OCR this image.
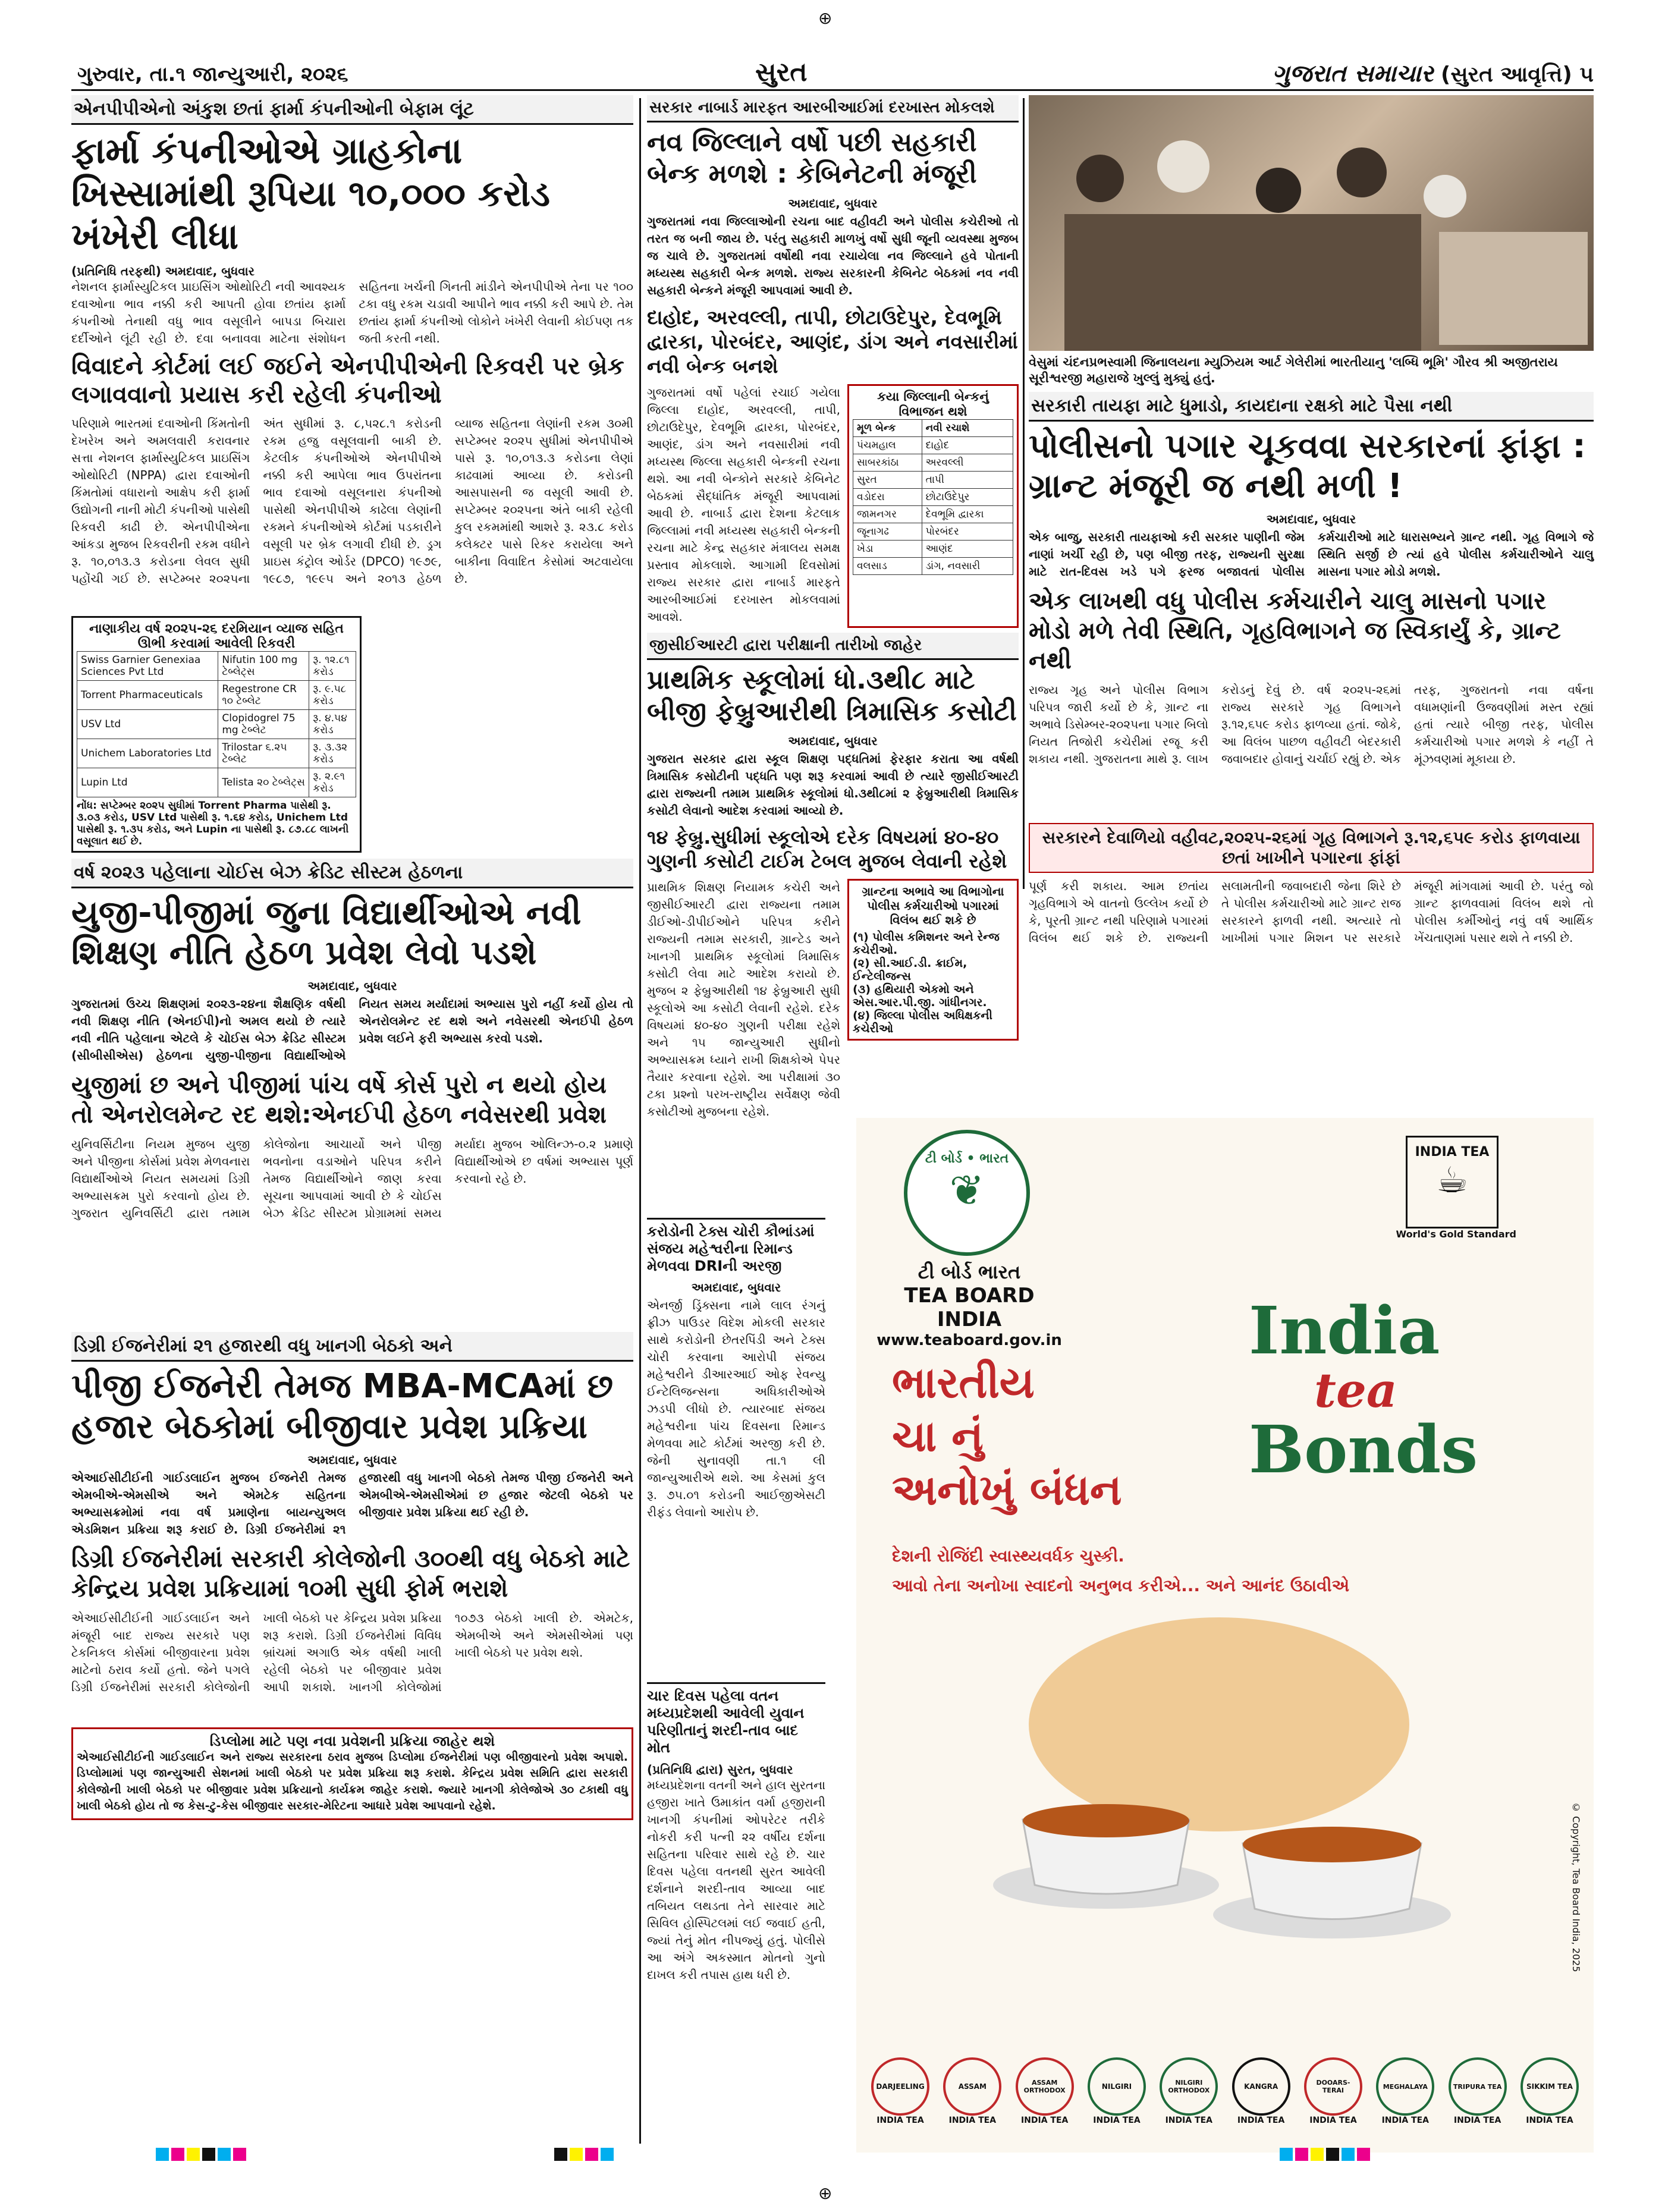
⊕
⊕
ગુરુવાર, તા.૧ જાન્યુઆરી, ૨૦૨૬	સુરત	ગુજરાત સમાચાર (સુરત આવૃત્તિ) ૫
એનપીપીએનો અંકુશ છતાં ફાર્મા કંપનીઓની બેફામ લૂંટ
ફાર્મા કંપનીઓએ ગ્રાહકોના ખિસ્સામાંથી રૂપિયા ૧૦,૦૦૦ કરોડ ખંખેરી લીધા
(પ્રતિનિધિ તરફથી) અમદાવાદ, બુધવાર
નેશનલ ફાર્માસ્યુટિકલ પ્રાઇસિંગ ઓથોરિટી નવી આવશ્યક દવાઓના ભાવ નક્કી કરી આપતી હોવા છતાંય ફાર્મા કંપનીઓ તેનાથી વધુ ભાવ વસૂલીને બાપડા બિચારા દર્દીઓને લૂંટી રહી છે. દવા બનાવવા માટેના સંશોધન સહિતના ખર્ચની ગિનતી માંડીને એનપીપીએ તેના પર ૧૦૦ ટકા વધુ રકમ ચડાવી આપીને ભાવ નક્કી કરી આપે છે. તેમ છતાંય ફાર્મા કંપનીઓ લોકોને ખંખેરી લેવાની કોઈપણ તક જતી કરતી નથી.
વિવાદને કોર્ટમાં લઈ જઈને એનપીપીએની રિકવરી પર બ્રેક લગાવવાનો પ્રયાસ કરી રહેલી કંપનીઓ
પરિણામે ભારતમાં દવાઓની કિંમતોની દેખરેખ અને અમલવારી કરાવનાર સત્તા નેશનલ ફાર્માસ્યુટિકલ પ્રાઇસિંગ ઓથોરિટી (NPPA) દ્વારા દવાઓની કિંમતોમાં વધારાનો આક્ષેપ કરી ફાર્મા ઉદ્યોગની નાની મોટી કંપનીઓ પાસેથી રિકવરી કાઢી છે. એનપીપીએના આંકડા મુજબ રિકવરીની રકમ વધીને રૂ. ૧૦,૦૧૩.૩ કરોડના લેવલ સુધી પહોંચી ગઈ છે. સપ્ટેમ્બર ૨૦૨૫ના અંત સુધીમાં રૂ. ૮,૫૨૮.૧ કરોડની રકમ હજુ વસૂલવાની બાકી છે. કેટલીક કંપનીઓએ એનપીપીએ નક્કી કરી આપેલા ભાવ ઉપરાંતના ભાવ દવાઓ વસૂલનારા કંપનીઓ પાસેથી એનપીપીએ કાઢેલા લેણાંની રકમને કંપનીઓએ કોર્ટમાં પડકારીને વસૂલી પર બ્રેક લગાવી દીધી છે. ડ્રગ પ્રાઇસ કંટ્રોલ ઓર્ડર (DPCO) ૧૯૭૯, ૧૯૮૭, ૧૯૯૫ અને ૨૦૧૩ હેઠળ વ્યાજ સહિતના લેણાંની રકમ ૩૦મી સપ્ટેમ્બર ૨૦૨૫ સુધીમાં એનપીપીએ પાસે રૂ. ૧૦,૦૧૩.૩ કરોડના લેણાં કાઢવામાં આવ્યા છે. કરોડની આસપાસની જ વસૂલી આવી છે. સપ્ટેમ્બર ૨૦૨૫ના અંતે બાકી રહેલી કુલ રકમમાંથી આશરે રૂ. ૨૩.૮ કરોડ કલેક્ટર પાસે રિકર કરાયેલા અને બાકીના વિવાદિત કેસોમાં અટવાયેલા છે.
નાણાકીય વર્ષ ૨૦૨૫-૨૬ દરમિયાન વ્યાજ સહિત ઊભી કરવામાં આવેલી રિકવરી
Swiss Garnier Genexiaa Sciences Pvt Ltd	Nifutin 100 mg ટેબ્લેટ્સ	રૂ. ૧૨.૮૧ કરોડ
Torrent Pharmaceuticals	Regestrone CR ૧૦ ટેબ્લેટ	રૂ. ૯.૫૮ કરોડ
USV Ltd	Clopidogrel 75 mg ટેબ્લેટ	રૂ. ૪.૫૪ કરોડ
Unichem Laboratories Ltd	Trilostar ૬.૨૫ ટેબ્લેટ	રૂ. ૩.૩૨ કરોડ
Lupin Ltd	Telista ૨૦ ટેબ્લેટ્સ	રૂ. ૨.૯૧ કરોડ
નોંધ: સપ્ટેમ્બર ૨૦૨૫ સુધીમાં Torrent Pharma પાસેથી રૂ. ૩.૦૩ કરોડ, USV Ltd પાસેથી રૂ. ૧.૬૪ કરોડ, Unichem Ltd પાસેથી રૂ. ૧.૩૫ કરોડ, અને Lupin ના પાસેથી રૂ. ૮૭.૮૮ લાખની વસૂલાત થઈ છે.
વર્ષ ૨૦૨૩ પહેલાના ચોઈસ બેઝ ક્રેડિટ સીસ્ટમ હેઠળના
યુજી-પીજીમાં જુના વિદ્યાર્થીઓએ નવી શિક્ષણ નીતિ હેઠળ પ્રવેશ લેવો પડશે
અમદાવાદ, બુધવાર
ગુજરાતમાં ઉચ્ચ શિક્ષણમાં ૨૦૨૩-૨૪ના શૈક્ષણિક વર્ષથી નવી શિક્ષણ નીતિ (એનઈપી)નો અમલ થયો છે ત્યારે નવી નીતિ પહેલાના એટલે કે ચોઈસ બેઝ ક્રેડિટ સીસ્ટમ (સીબીસીએસ) હેઠળના યુજી-પીજીના વિદ્યાર્થીઓએ નિયત સમય મર્યાદામાં અભ્યાસ પુરો નહીં કર્યો હોય તો એનરોલમેન્ટ રદ થશે અને નવેસરથી એનઈપી હેઠળ પ્રવેશ લઈને ફરી અભ્યાસ કરવો પડશે.
યુજીમાં છ અને પીજીમાં પાંચ વર્ષે કોર્સ પુરો ન થયો હોય તો એનરોલમેન્ટ રદ થશે:એનઈપી હેઠળ નવેસરથી પ્રવેશ
યુનિવર્સિટીના નિયમ મુજબ યુજી અને પીજીના કોર્સમાં પ્રવેશ મેળવનારા વિદ્યાર્થીઓએ નિયત સમયમાં ડિગ્રી અભ્યાસક્રમ પુરો કરવાનો હોય છે. ગુજરાત યુનિવર્સિટી દ્વારા તમામ કોલેજોના આચાર્યો અને પીજી ભવનોના વડાઓને પરિપત્ર કરીને તેમજ વિદ્યાર્થીઓને જાણ કરવા સૂચના આપવામાં આવી છે કે ચોઈસ બેઝ ક્રેડિટ સીસ્ટમ પ્રોગ્રામમાં સમય મર્યાદા મુજબ ઓલિન્ઝ-૦.૨ પ્રમાણે વિદ્યાર્થીઓએ છ વર્ષમાં અભ્યાસ પૂર્ણ કરવાનો રહે છે.
ડિગ્રી ઈજનેરીમાં ૨૧ હજારથી વધુ ખાનગી બેઠકો અને
પીજી ઈજનેરી તેમજ MBA-MCAમાં છ હજાર બેઠકોમાં બીજીવાર પ્રવેશ પ્રક્રિયા
અમદાવાદ, બુધવાર
એઆઈસીટીઈની ગાઈડલાઈન મુજબ ઈજનેરી તેમજ એમબીએ-એમસીએ અને એમટેક સહિતના અભ્યાસક્રમોમાં નવા વર્ષ પ્રમાણેના બાયન્યુઅલ એડમિશન પ્રક્રિયા શરૂ કરાઈ છે. ડિગ્રી ઈજનેરીમાં ૨૧ હજારથી વધુ ખાનગી બેઠકો તેમજ પીજી ઈજનેરી અને એમબીએ-એમસીએમાં છ હજાર જેટલી બેઠકો પર બીજીવાર પ્રવેશ પ્રક્રિયા થઈ રહી છે.
ડિગ્રી ઈજનેરીમાં સરકારી કોલેજોની ૩૦૦થી વધુ બેઠકો માટે કેન્દ્રિય પ્રવેશ પ્રક્રિયામાં ૧૦મી સુધી ફોર્મ ભરાશે
એઆઈસીટીઈની ગાઈડલાઈન અને મંજૂરી બાદ રાજ્ય સરકારે પણ ટેકનિકલ કોર્સમાં બીજીવારના પ્રવેશ માટેનો ઠરાવ કર્યો હતો. જેને પગલે ડિગ્રી ઈજનેરીમાં સરકારી કોલેજોની ખાલી બેઠકો પર કેન્દ્રિય પ્રવેશ પ્રક્રિયા શરૂ કરાશે. ડિગ્રી ઈજનેરીમાં વિવિધ બ્રાંચમાં અગાઉ એક વર્ષથી ખાલી રહેલી બેઠકો પર બીજીવાર પ્રવેશ આપી શકાશે. ખાનગી કોલેજોમાં ૧૦૭૩ બેઠકો ખાલી છે. એમટેક, એમબીએ અને એમસીએમાં પણ ખાલી બેઠકો પર પ્રવેશ થશે.
ડિપ્લોમા માટે પણ નવા પ્રવેશની પ્રક્રિયા જાહેર થશે
એઆઈસીટીઈની ગાઈડલાઈન અને રાજ્ય સરકારના ઠરાવ મુજબ ડિપ્લોમા ઈજનેરીમાં પણ બીજીવારનો પ્રવેશ અપાશે. ડિપ્લોમામાં પણ જાન્યુઆરી સેશનમાં ખાલી બેઠકો પર પ્રવેશ પ્રક્રિયા શરૂ કરાશે. કેન્દ્રિય પ્રવેશ સમિતિ દ્વારા સરકારી કોલેજોની ખાલી બેઠકો પર બીજીવાર પ્રવેશ પ્રક્રિયાનો કાર્યક્રમ જાહેર કરાશે. જ્યારે ખાનગી કોલેજોએ ૩૦ ટકાથી વધુ ખાલી બેઠકો હોય તો જ કેસ-ટુ-કેસ બીજીવાર સરકાર-મેરિટના આધારે પ્રવેશ આપવાનો રહેશે.
સરકાર નાબાર્ડ મારફત આરબીઆઈમાં દરખાસ્ત મોકલશે
નવ જિલ્લાને વર્ષો પછી સહકારી બેન્ક મળશે : કેબિનેટની મંજૂરી
અમદાવાદ, બુધવાર
ગુજરાતમાં નવા જિલ્લાઓની રચના બાદ વહીવટી અને પોલીસ કચેરીઓ તો તરત જ બની જાય છે. પરંતુ સહકારી માળખું વર્ષો સુધી જૂની વ્યવસ્થા મુજબ જ ચાલે છે. ગુજરાતમાં વર્ષોથી નવા રચાયેલા નવ જિલ્લાને હવે પોતાની મધ્યસ્થ સહકારી બેન્ક મળશે. રાજ્ય સરકારની કેબિનેટ બેઠકમાં નવ નવી સહકારી બેન્કને મંજૂરી આપવામાં આવી છે.
દાહોદ, અરવલ્લી, તાપી, છોટાઉદેપુર, દેવભૂમિ દ્વારકા, પોરબંદર, આણંદ, ડાંગ અને નવસારીમાં નવી બેન્ક બનશે
ગુજરાતમાં વર્ષો પહેલાં રચાઈ ગયેલા જિલ્લા દાહોદ, અરવલ્લી, તાપી, છોટાઉદેપુર, દેવભૂમિ દ્વારકા, પોરબંદર, આણંદ, ડાંગ અને નવસારીમાં નવી મધ્યસ્થ જિલ્લા સહકારી બેન્કની રચના થશે. આ નવી બેન્કોને સરકારે કેબિનેટ બેઠકમાં સૈદ્ધાંતિક મંજૂરી આપવામાં આવી છે. નાબાર્ડ દ્વારા દેશના કેટલાક જિલ્લામાં નવી મધ્યસ્થ સહકારી બેન્કની રચના માટે કેન્દ્ર સહકાર મંત્રાલય સમક્ષ પ્રસ્તાવ મોકલાશે. આગામી દિવસોમાં રાજ્ય સરકાર દ્વારા નાબાર્ડ મારફતે આરબીઆઈમાં દરખાસ્ત મોકલવામાં આવશે.
કયા જિલ્લાની બેન્કનું વિભાજન થશે
મૂળ બેન્ક	નવી રચાશે
પંચમહાલ	દાહોદ
સાબરકાંઠા	અરવલ્લી
સુરત	તાપી
વડોદરા	છોટાઉદેપુર
જામનગર	દેવભૂમિ દ્વારકા
જૂનાગઢ	પોરબંદર
ખેડા	આણંદ
વલસાડ	ડાંગ, નવસારી
જીસીઈઆરટી દ્વારા પરીક્ષાની તારીખો જાહેર
પ્રાથમિક સ્કૂલોમાં ધો.૩થી૮ માટે બીજી ફેબ્રુઆરીથી ત્રિમાસિક કસોટી
અમદાવાદ, બુધવાર
ગુજરાત સરકાર દ્વારા સ્કૂલ શિક્ષણ પદ્ધતિમાં ફેરફાર કરાતા આ વર્ષથી ત્રિમાસિક કસોટીની પદ્ધતિ પણ શરૂ કરવામાં આવી છે ત્યારે જીસીઈઆરટી દ્વારા રાજ્યની તમામ પ્રાથમિક સ્કૂલોમાં ધો.૩થી૮માં ૨ ફેબ્રુઆરીથી ત્રિમાસિક કસોટી લેવાનો આદેશ કરવામાં આવ્યો છે.
૧૪ ફેબ્રુ.સુધીમાં સ્કૂલોએ દરેક વિષયમાં ૪૦-૪૦ ગુણની કસોટી ટાઈમ ટેબલ મુજબ લેવાની રહેશે
પ્રાથમિક શિક્ષણ નિયામક કચેરી અને જીસીઈઆરટી દ્વારા રાજ્યના તમામ ડીઈઓ-ડીપીઈઓને પરિપત્ર કરીને રાજ્યની તમામ સરકારી, ગ્રાન્ટેડ અને ખાનગી પ્રાથમિક સ્કૂલોમાં ત્રિમાસિક કસોટી લેવા માટે આદેશ કરાયો છે. મુજબ ૨ ફેબ્રુઆરીથી ૧૪ ફેબ્રુઆરી સુધી સ્કૂલોએ આ કસોટી લેવાની રહેશે. દરેક વિષયમાં ૪૦-૪૦ ગુણની પરીક્ષા રહેશે અને ૧૫ જાન્યુઆરી સુધીનો અભ્યાસક્રમ ધ્યાને રાખી શિક્ષકોએ પેપર તૈયાર કરવાના રહેશે. આ પરીક્ષામાં ૩૦ ટકા પ્રશ્નો પરખ-રાષ્ટ્રીય સર્વેક્ષણ જેવી કસોટીઓ મુજબના રહેશે.
ગ્રાન્ટના અભાવે આ વિભાગોના પોલીસ કર્મચારીઓ પગારમાં વિલંબ થઈ શકે છે
(૧) પોલીસ કમિશનર અને રેન્જ કચેરીઓ.
(૨) સી.આઈ.ડી. ક્રાઈમ, ઈન્ટેલીજન્સ
(૩) હથિયારી એકમો અને એસ.આર.પી.જી. ગાંધીનગર.
(૪) જિલ્લા પોલીસ અધિક્ષકની કચેરીઓ
કરોડોની ટેક્સ ચોરી કૌભાંડમાં સંજય મહેશ્વરીના રિમાન્ડ મેળવવા DRIની અરજી
અમદાવાદ, બુધવાર
એનર્જી ડ્રિંક્સના નામે લાલ રંગનું ફ્રીઝ પાઉડર વિદેશ મોકલી સરકાર સાથે કરોડોની છેતરપિંડી અને ટેક્સ ચોરી કરવાના આરોપી સંજય મહેશ્વરીને ડીઆરઆઈ ઓફ રેવન્યુ ઈન્ટેલિજન્સના અધિકારીઓએ ઝડપી લીધો છે. ત્યારબાદ સંજય મહેશ્વરીના પાંચ દિવસના રિમાન્ડ મેળવવા માટે કોર્ટમાં અરજી કરી છે. જેની સુનાવણી તા.૧ લી જાન્યુઆરીએ થશે. આ કેસમાં કુલ રૂ. ૭૫.૦૧ કરોડની આઈજીએસટી રીફંડ લેવાનો આરોપ છે.
ચાર દિવસ પહેલા વતન મધ્યપ્રદેશથી આવેલી યુવાન પરિણીતાનું શરદી-તાવ બાદ મોત
(પ્રતિનિધિ દ્વારા) સુરત, બુધવાર
મધ્યપ્રદેશના વતની અને હાલ સુરતના હજીરા ખાતે ઉમાકાંત વર્મા હજીરાની ખાનગી કંપનીમાં ઓપરેટર તરીકે નોકરી કરી પત્ની ૨૨ વર્ષીય દર્શના સહિતના પરિવાર સાથે રહે છે. ચાર દિવસ પહેલા વતનથી સુરત આવેલી દર્શનાને શરદી-તાવ આવ્યા બાદ તબિયત લથડતા તેને સારવાર માટે સિવિલ હોસ્પિટલમાં લઈ જવાઈ હતી, જ્યાં તેનું મોત નીપજ્યું હતું. પોલીસે આ અંગે અકસ્માત મોતનો ગુનો દાખલ કરી તપાસ હાથ ધરી છે.
વેસુમાં ચંદનપ્રભસ્વામી જિનાલયના મ્યુઝિયમ આર્ટ ગેલેરીમાં ભારતીયાનુ 'લબ્ધિ ભૂમિ' ગૌરવ શ્રી અજીતરાય સૂરીશ્વરજી મહારાજે ખુલ્લું મુક્યું હતું.
સરકારી તાયફા માટે ધુમાડો, કાયદાના રક્ષકો માટે પૈસા નથી
પોલીસનો પગાર ચૂકવવા સરકારનાં ફાંફા : ગ્રાન્ટ મંજૂરી જ નથી મળી !
અમદાવાદ, બુધવાર
એક બાજુ, સરકારી તાયફાઓ કરી સરકાર પાણીની જેમ નાણાં ખર્ચી રહી છે, પણ બીજી તરફ, રાજ્યની સુરક્ષા માટે રાત-દિવસ ખડે પગે ફરજ બજાવતાં પોલીસ કર્મચારીઓ માટે ધારાસભ્યને ગ્રાન્ટ નથી. ગૃહ વિભાગે જે સ્થિતિ સર્જી છે ત્યાં હવે પોલીસ કર્મચારીઓને ચાલુ માસના પગાર મોડો મળશે.
એક લાખથી વધુ પોલીસ કર્મચારીને ચાલુ માસનો પગાર મોડો મળે તેવી સ્થિતિ, ગૃહવિભાગને જ સ્વિકાર્યું કે, ગ્રાન્ટ નથી
રાજ્ય ગૃહ અને પોલીસ વિભાગ પરિપત્ર જારી કર્યો છે કે, ગ્રાન્ટ ના અભાવે ડિસેમ્બર-૨૦૨૫ના પગાર બિલો નિયત તિજોરી કચેરીમાં રજૂ કરી શકાય નથી. ગુજરાતના માથે રૂ. લાખ કરોડનું દેવું છે. વર્ષ ૨૦૨૫-૨૬માં રાજ્ય સરકારે ગૃહ વિભાગને રૂ.૧૨,૬૫૯ કરોડ ફાળવ્યા હતાં. જોકે, આ વિલંબ પાછળ વહીવટી બેદરકારી જવાબદાર હોવાનું ચર્ચાઈ રહ્યું છે. એક તરફ, ગુજરાતનો નવા વર્ષના વધામણાંની ઉજવણીમાં મસ્ત રહ્યાં હતાં ત્યારે બીજી તરફ, પોલીસ કર્મચારીઓ પગાર મળશે કે નહીં તે મૂંઝવણમાં મૂકાયા છે.
સરકારને દેવાળિયો વહીવટ,૨૦૨૫-૨૬માં ગૃહ વિભાગને રૂ.૧૨,૬૫૯ કરોડ ફાળવાયા છતાં ખાખીને પગારના ફાંફાં
પૂર્ણ કરી શકાય. આમ છતાંય ગૃહવિભાગે એ વાતનો ઉલ્લેખ કર્યો છે કે, પૂરતી ગ્રાન્ટ નથી પરિણામે પગારમાં વિલંબ થઈ શકે છે. રાજ્યની સલામતીની જવાબદારી જેના શિરે છે તે પોલીસ કર્મચારીઓ માટે ગ્રાન્ટ રાજ સરકારને ફાળવી નથી. અત્યારે તો ખાખીમાં પગાર મિશન પર સરકારે મંજૂરી માંગવામાં આવી છે. પરંતુ જો ગ્રાન્ટ ફાળવવામાં વિલંબ થશે તો પોલીસ કર્મીઓનું નવું વર્ષ આર્થિક ખેંચતાણમાં પસાર થશે તે નક્કી છે.
ટી બોર્ડ • ભારત
❦
ટી બોર્ડ ભારત
TEA BOARD INDIA
www.teaboard.gov.in
INDIA TEA
☕
World's Gold Standard
ભારતીય
ચા નું
અનોખું બંધન
India
tea
Bonds
દેશની રોજિંદી સ્વાસ્થ્યવર્ધક ચુસ્કી.
આવો તેના અનોખા સ્વાદનો અનુભવ કરીએ... અને આનંદ ઉઠાવીએ
© Copyright, Tea Board India, 2025
DARJEELING
INDIA TEA
ASSAM
INDIA TEA
ASSAM ORTHODOX
INDIA TEA
NILGIRI
INDIA TEA
NILGIRI ORTHODOX
INDIA TEA
KANGRA
INDIA TEA
DOOARS-TERAI
INDIA TEA
MEGHALAYA
INDIA TEA
TRIPURA TEA
INDIA TEA
SIKKIM TEA
INDIA TEA
